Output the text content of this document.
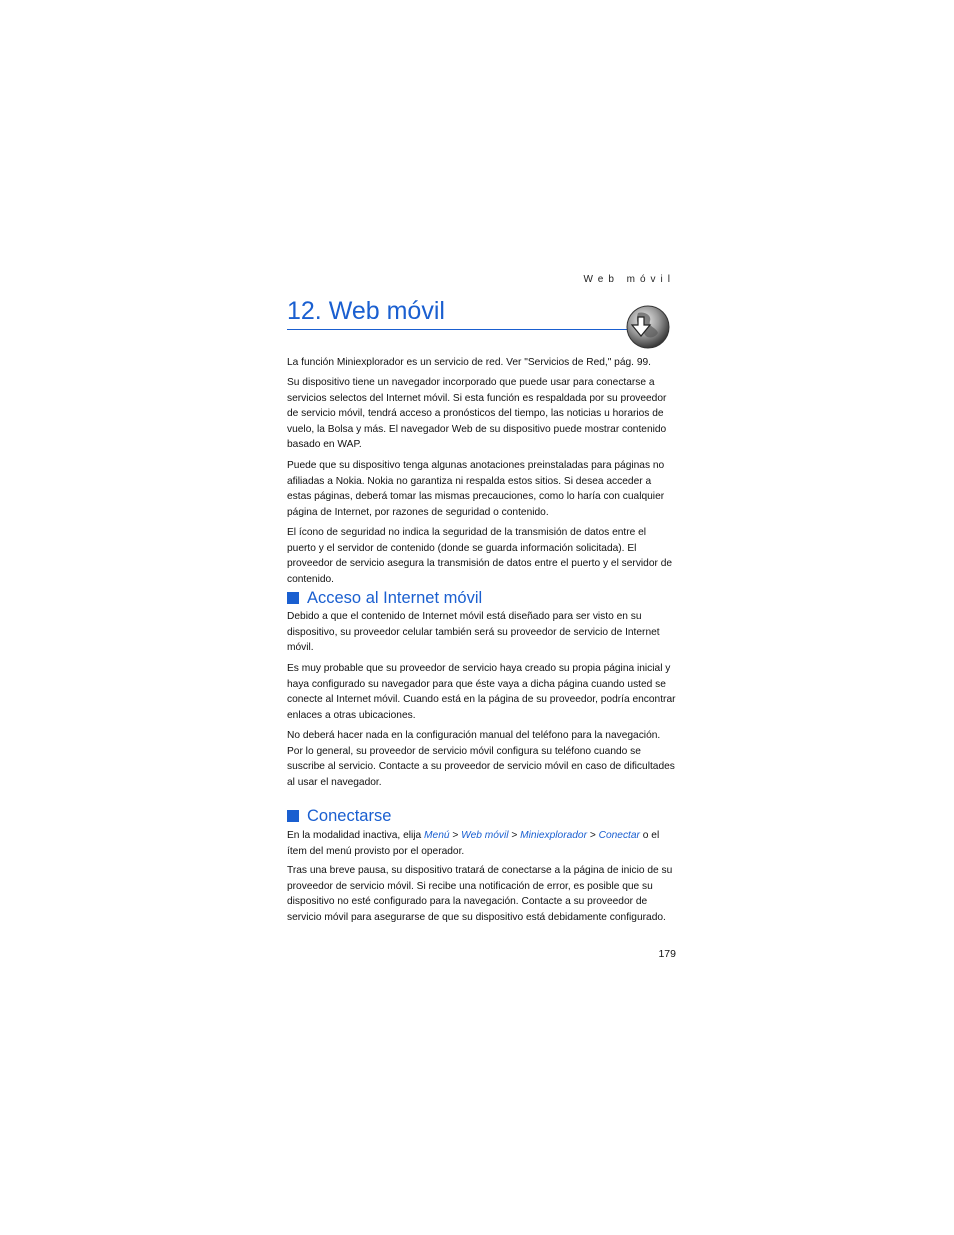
Web móvil
12. Web móvil

La función Miniexplorador es un servicio de red. Ver "Servicios de Red," pág. 99.

Su dispositivo tiene un navegador incorporado que puede usar para conectarse a servicios selectos del Internet móvil. Si esta función es respaldada por su proveedor de servicio móvil, tendrá acceso a pronósticos del tiempo, las noticias u horarios de vuelo, la Bolsa y más. El navegador Web de su dispositivo puede mostrar contenido basado en WAP.

Puede que su dispositivo tenga algunas anotaciones preinstaladas para páginas no afiliadas a Nokia. Nokia no garantiza ni respalda estos sitios. Si desea acceder a estas páginas, deberá tomar las mismas precauciones, como lo haría con cualquier página de Internet, por razones de seguridad o contenido.

El ícono de seguridad no indica la seguridad de la transmisión de datos entre el puerto y el servidor de contenido (donde se guarda información solicitada). El proveedor de servicio asegura la transmisión de datos entre el puerto y el servidor de contenido.

Acceso al Internet móvil

Debido a que el contenido de Internet móvil está diseñado para ser visto en su dispositivo, su proveedor celular también será su proveedor de servicio de Internet móvil.

Es muy probable que su proveedor de servicio haya creado su propia página inicial y haya configurado su navegador para que éste vaya a dicha página cuando usted se conecte al Internet móvil. Cuando está en la página de su proveedor, podría encontrar enlaces a otras ubicaciones.

No deberá hacer nada en la configuración manual del teléfono para la navegación. Por lo general, su proveedor de servicio móvil configura su teléfono cuando se suscribe al servicio. Contacte a su proveedor de servicio móvil en caso de dificultades al usar el navegador.

Conectarse

En la modalidad inactiva, elija Menú > Web móvil > Miniexplorador > Conectar o el ítem del menú provisto por el operador.

Tras una breve pausa, su dispositivo tratará de conectarse a la página de inicio de su proveedor de servicio móvil. Si recibe una notificación de error, es posible que su dispositivo no esté configurado para la navegación. Contacte a su proveedor de servicio móvil para asegurarse de que su dispositivo está debidamente configurado.

179
